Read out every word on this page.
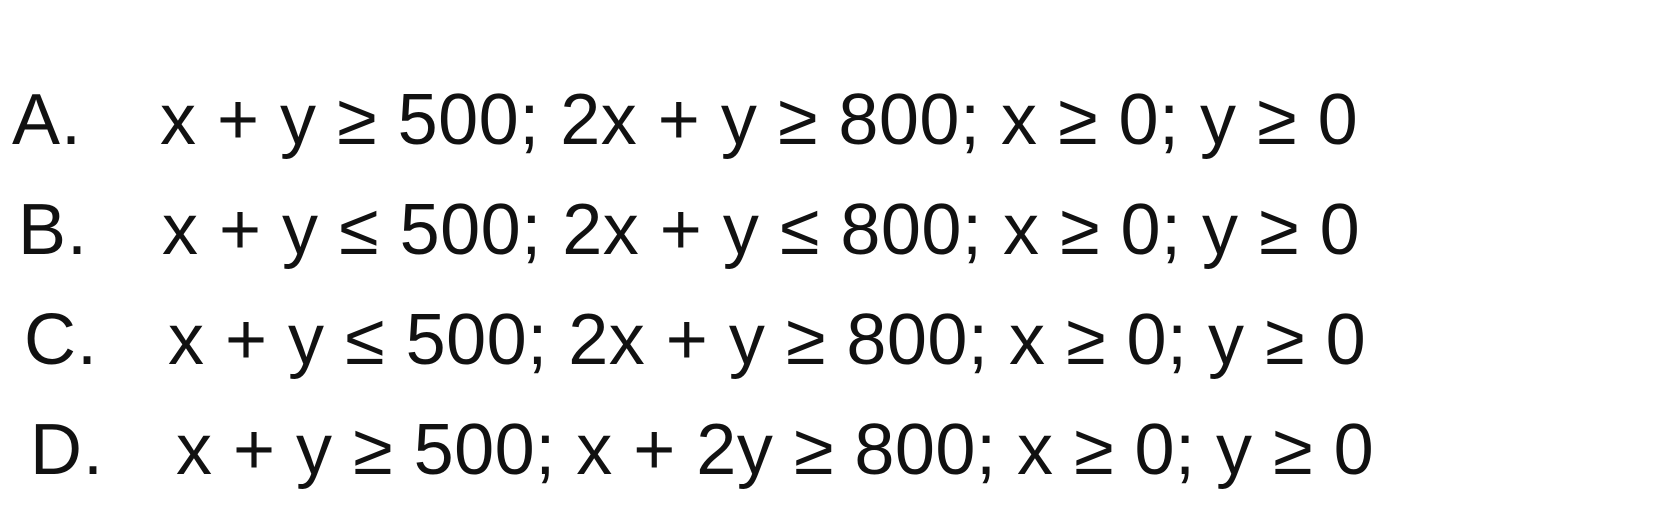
A. x + y ≥ 500; 2x + y ≥ 800; x ≥ 0; y ≥ 0
B. x + y ≤ 500; 2x + y ≤ 800; x ≥ 0; y ≥ 0
C. x + y ≤ 500; 2x + y ≥ 800; x ≥ 0; y ≥ 0
D. x + y ≥ 500; x + 2y ≥ 800; x ≥ 0; y ≥ 0
